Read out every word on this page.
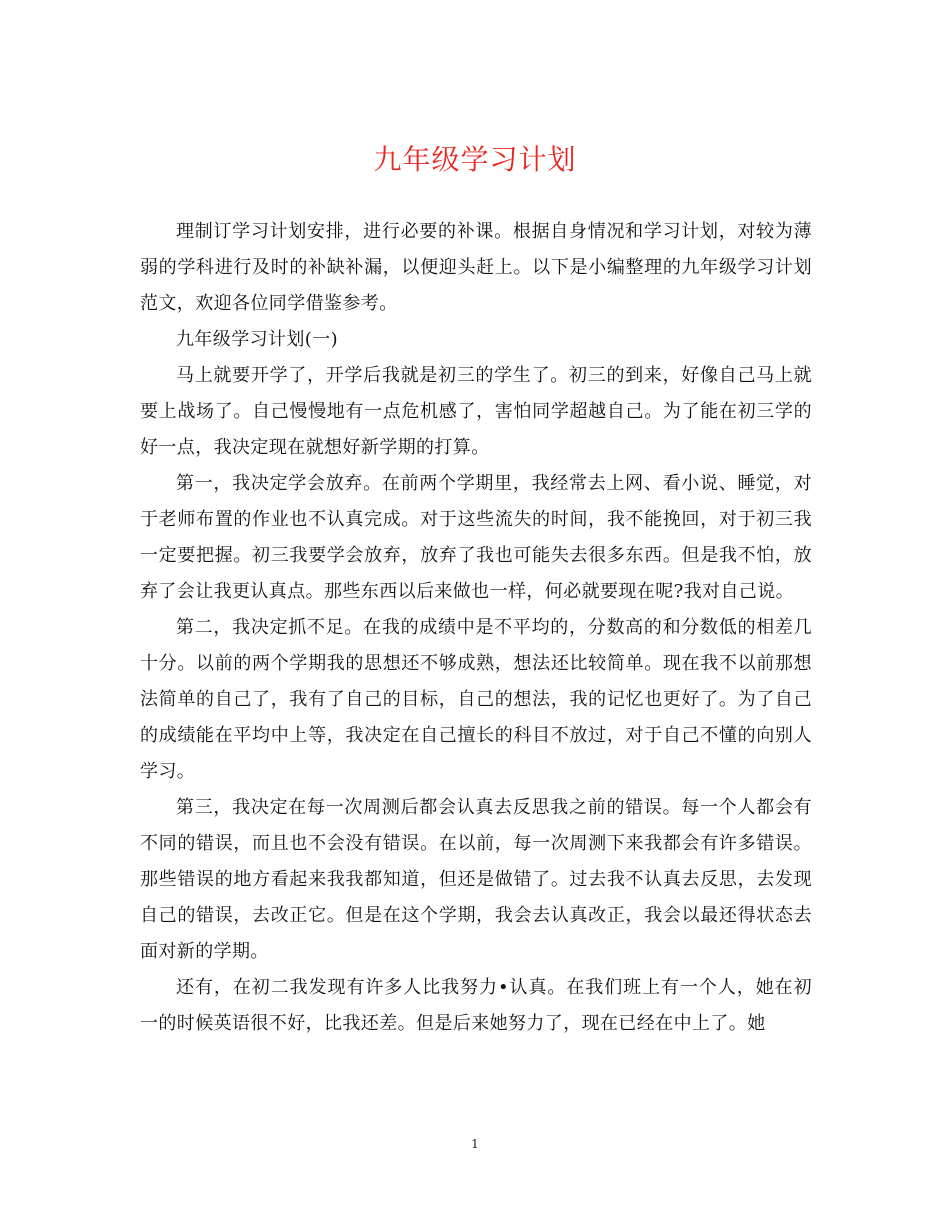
九年级学习计划

理制订学习计划安排，进行必要的补课。根据自身情况和学习计划，对较为薄弱的学科进行及时的补缺补漏，以便迎头赶上。以下是小编整理的九年级学习计划范文，欢迎各位同学借鉴参考。

九年级学习计划(一)

马上就要开学了，开学后我就是初三的学生了。初三的到来，好像自己马上就要上战场了。自己慢慢地有一点危机感了，害怕同学超越自己。为了能在初三学的好一点，我决定现在就想好新学期的打算。

第一，我决定学会放弃。在前两个学期里，我经常去上网、看小说、睡觉，对于老师布置的作业也不认真完成。对于这些流失的时间，我不能挽回，对于初三我一定要把握。初三我要学会放弃，放弃了我也可能失去很多东西。但是我不怕，放弃了会让我更认真点。那些东西以后来做也一样，何必就要现在呢?我对自己说。

第二，我决定抓不足。在我的成绩中是不平均的，分数高的和分数低的相差几十分。以前的两个学期我的思想还不够成熟，想法还比较简单。现在我不以前那想法简单的自己了，我有了自己的目标，自己的想法，我的记忆也更好了。为了自己的成绩能在平均中上等，我决定在自己擅长的科目不放过，对于自己不懂的向别人学习。

第三，我决定在每一次周测后都会认真去反思我之前的错误。每一个人都会有不同的错误，而且也不会没有错误。在以前，每一次周测下来我都会有许多错误。那些错误的地方看起来我我都知道，但还是做错了。过去我不认真去反思，去发现自己的错误，去改正它。但是在这个学期，我会去认真改正，我会以最还得状态去面对新的学期。

还有，在初二我发现有许多人比我努力•认真。在我们班上有一个人，她在初一的时候英语很不好，比我还差。但是后来她努力了，现在已经在中上了。她

1
